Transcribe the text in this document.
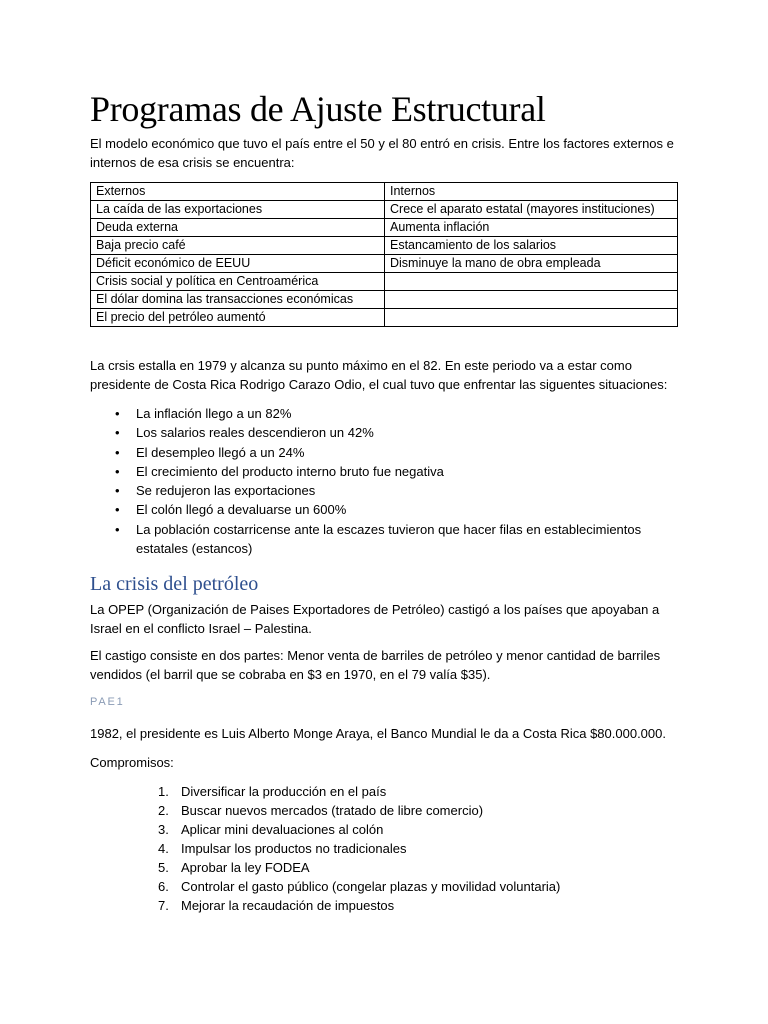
Programas de Ajuste Estructural

El modelo económico que tuvo el país entre el 50 y el 80 entró en crisis. Entre los factores externos e internos de esa crisis se encuentra:

Externos	Internos
La caída de las exportaciones	Crece el aparato estatal (mayores instituciones)
Deuda externa	Aumenta inflación
Baja precio café	Estancamiento de los salarios
Déficit económico de EEUU	Disminuye la mano de obra empleada
Crisis social y política en Centroamérica	
El dólar domina las transacciones económicas	
El precio del petróleo aumentó	

La crsis estalla en 1979 y alcanza su punto máximo en el 82. En este periodo va a estar como presidente de Costa Rica Rodrigo Carazo Odio, el cual tuvo que enfrentar las siguentes situaciones:

• La inflación llego a un 82%
• Los salarios reales descendieron un 42%
• El desempleo llegó a un 24%
• El crecimiento del producto interno bruto fue negativa
• Se redujeron las exportaciones
• El colón llegó a devaluarse un 600%
• La población costarricense ante la escazes tuvieron que hacer filas en establecimientos estatales (estancos)
La crisis del petróleo

La OPEP (Organización de Paises Exportadores de Petróleo) castigó a los países que apoyaban a Israel en el conflicto Israel – Palestina.

El castigo consiste en dos partes: Menor venta de barriles de petróleo y menor cantidad de barriles vendidos (el barril que se cobraba en $3 en 1970, en el 79 valía $35).

PAE1

1982, el presidente es Luis Alberto Monge Araya, el Banco Mundial le da a Costa Rica $80.000.000.

Compromisos:

1. Diversificar la producción en el país
2. Buscar nuevos mercados (tratado de libre comercio)
3. Aplicar mini devaluaciones al colón
4. Impulsar los productos no tradicionales
5. Aprobar la ley FODEA
6. Controlar el gasto público (congelar plazas y movilidad voluntaria)
7. Mejorar la recaudación de impuestos
